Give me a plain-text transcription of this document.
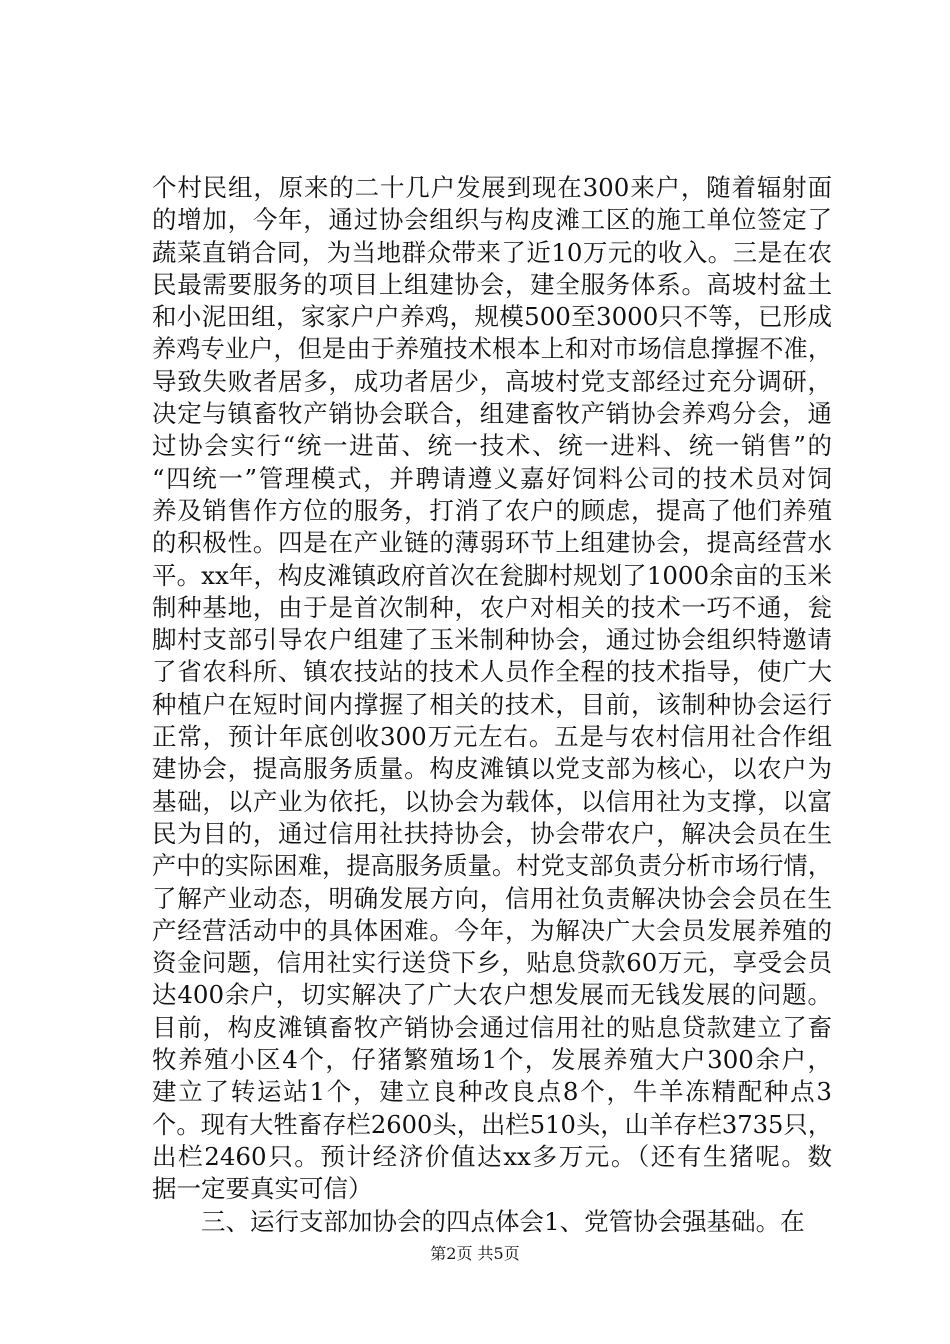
个村民组，原来的二十几户发展到现在300来户，随着辐射面
的增加，今年，通过协会组织与构皮滩工区的施工单位签定了
蔬菜直销合同，为当地群众带来了近10万元的收入。三是在农
民最需要服务的项目上组建协会，建全服务体系。高坡村盆土
和小泥田组，家家户户养鸡，规模500至3000只不等，已形成
养鸡专业户，但是由于养殖技术根本上和对市场信息撑握不准，
导致失败者居多，成功者居少，高坡村党支部经过充分调研，
决定与镇畜牧产销协会联合，组建畜牧产销协会养鸡分会，通
过协会实行“统一进苗、统一技术、统一进料、统一销售”的
“四统一”管理模式，并聘请遵义嘉好饲料公司的技术员对饲
养及销售作方位的服务，打消了农户的顾虑，提高了他们养殖
的积极性。四是在产业链的薄弱环节上组建协会，提高经营水
平。xx年，构皮滩镇政府首次在瓮脚村规划了1000余亩的玉米
制种基地，由于是首次制种，农户对相关的技术一巧不通，瓮
脚村支部引导农户组建了玉米制种协会，通过协会组织特邀请
了省农科所、镇农技站的技术人员作全程的技术指导，使广大
种植户在短时间内撑握了相关的技术，目前，该制种协会运行
正常，预计年底创收300万元左右。五是与农村信用社合作组
建协会，提高服务质量。构皮滩镇以党支部为核心，以农户为
基础，以产业为依托，以协会为载体，以信用社为支撑，以富
民为目的，通过信用社扶持协会，协会带农户，解决会员在生
产中的实际困难，提高服务质量。村党支部负责分析市场行情，
了解产业动态，明确发展方向，信用社负责解决协会会员在生
产经营活动中的具体困难。今年，为解决广大会员发展养殖的
资金问题，信用社实行送贷下乡，贴息贷款60万元，享受会员
达400余户，切实解决了广大农户想发展而无钱发展的问题。
目前，构皮滩镇畜牧产销协会通过信用社的贴息贷款建立了畜
牧养殖小区4个，仔猪繁殖场1个，发展养殖大户300余户，
建立了转运站1个，建立良种改良点8个，牛羊冻精配种点3
个。现有大牲畜存栏2600头，出栏510头，山羊存栏3735只，
出栏2460只。预计经济价值达xx多万元。（还有生猪呢。数
据一定要真实可信）
　　三、运行支部加协会的四点体会1、党管协会强基础。在
第2页 共5页
